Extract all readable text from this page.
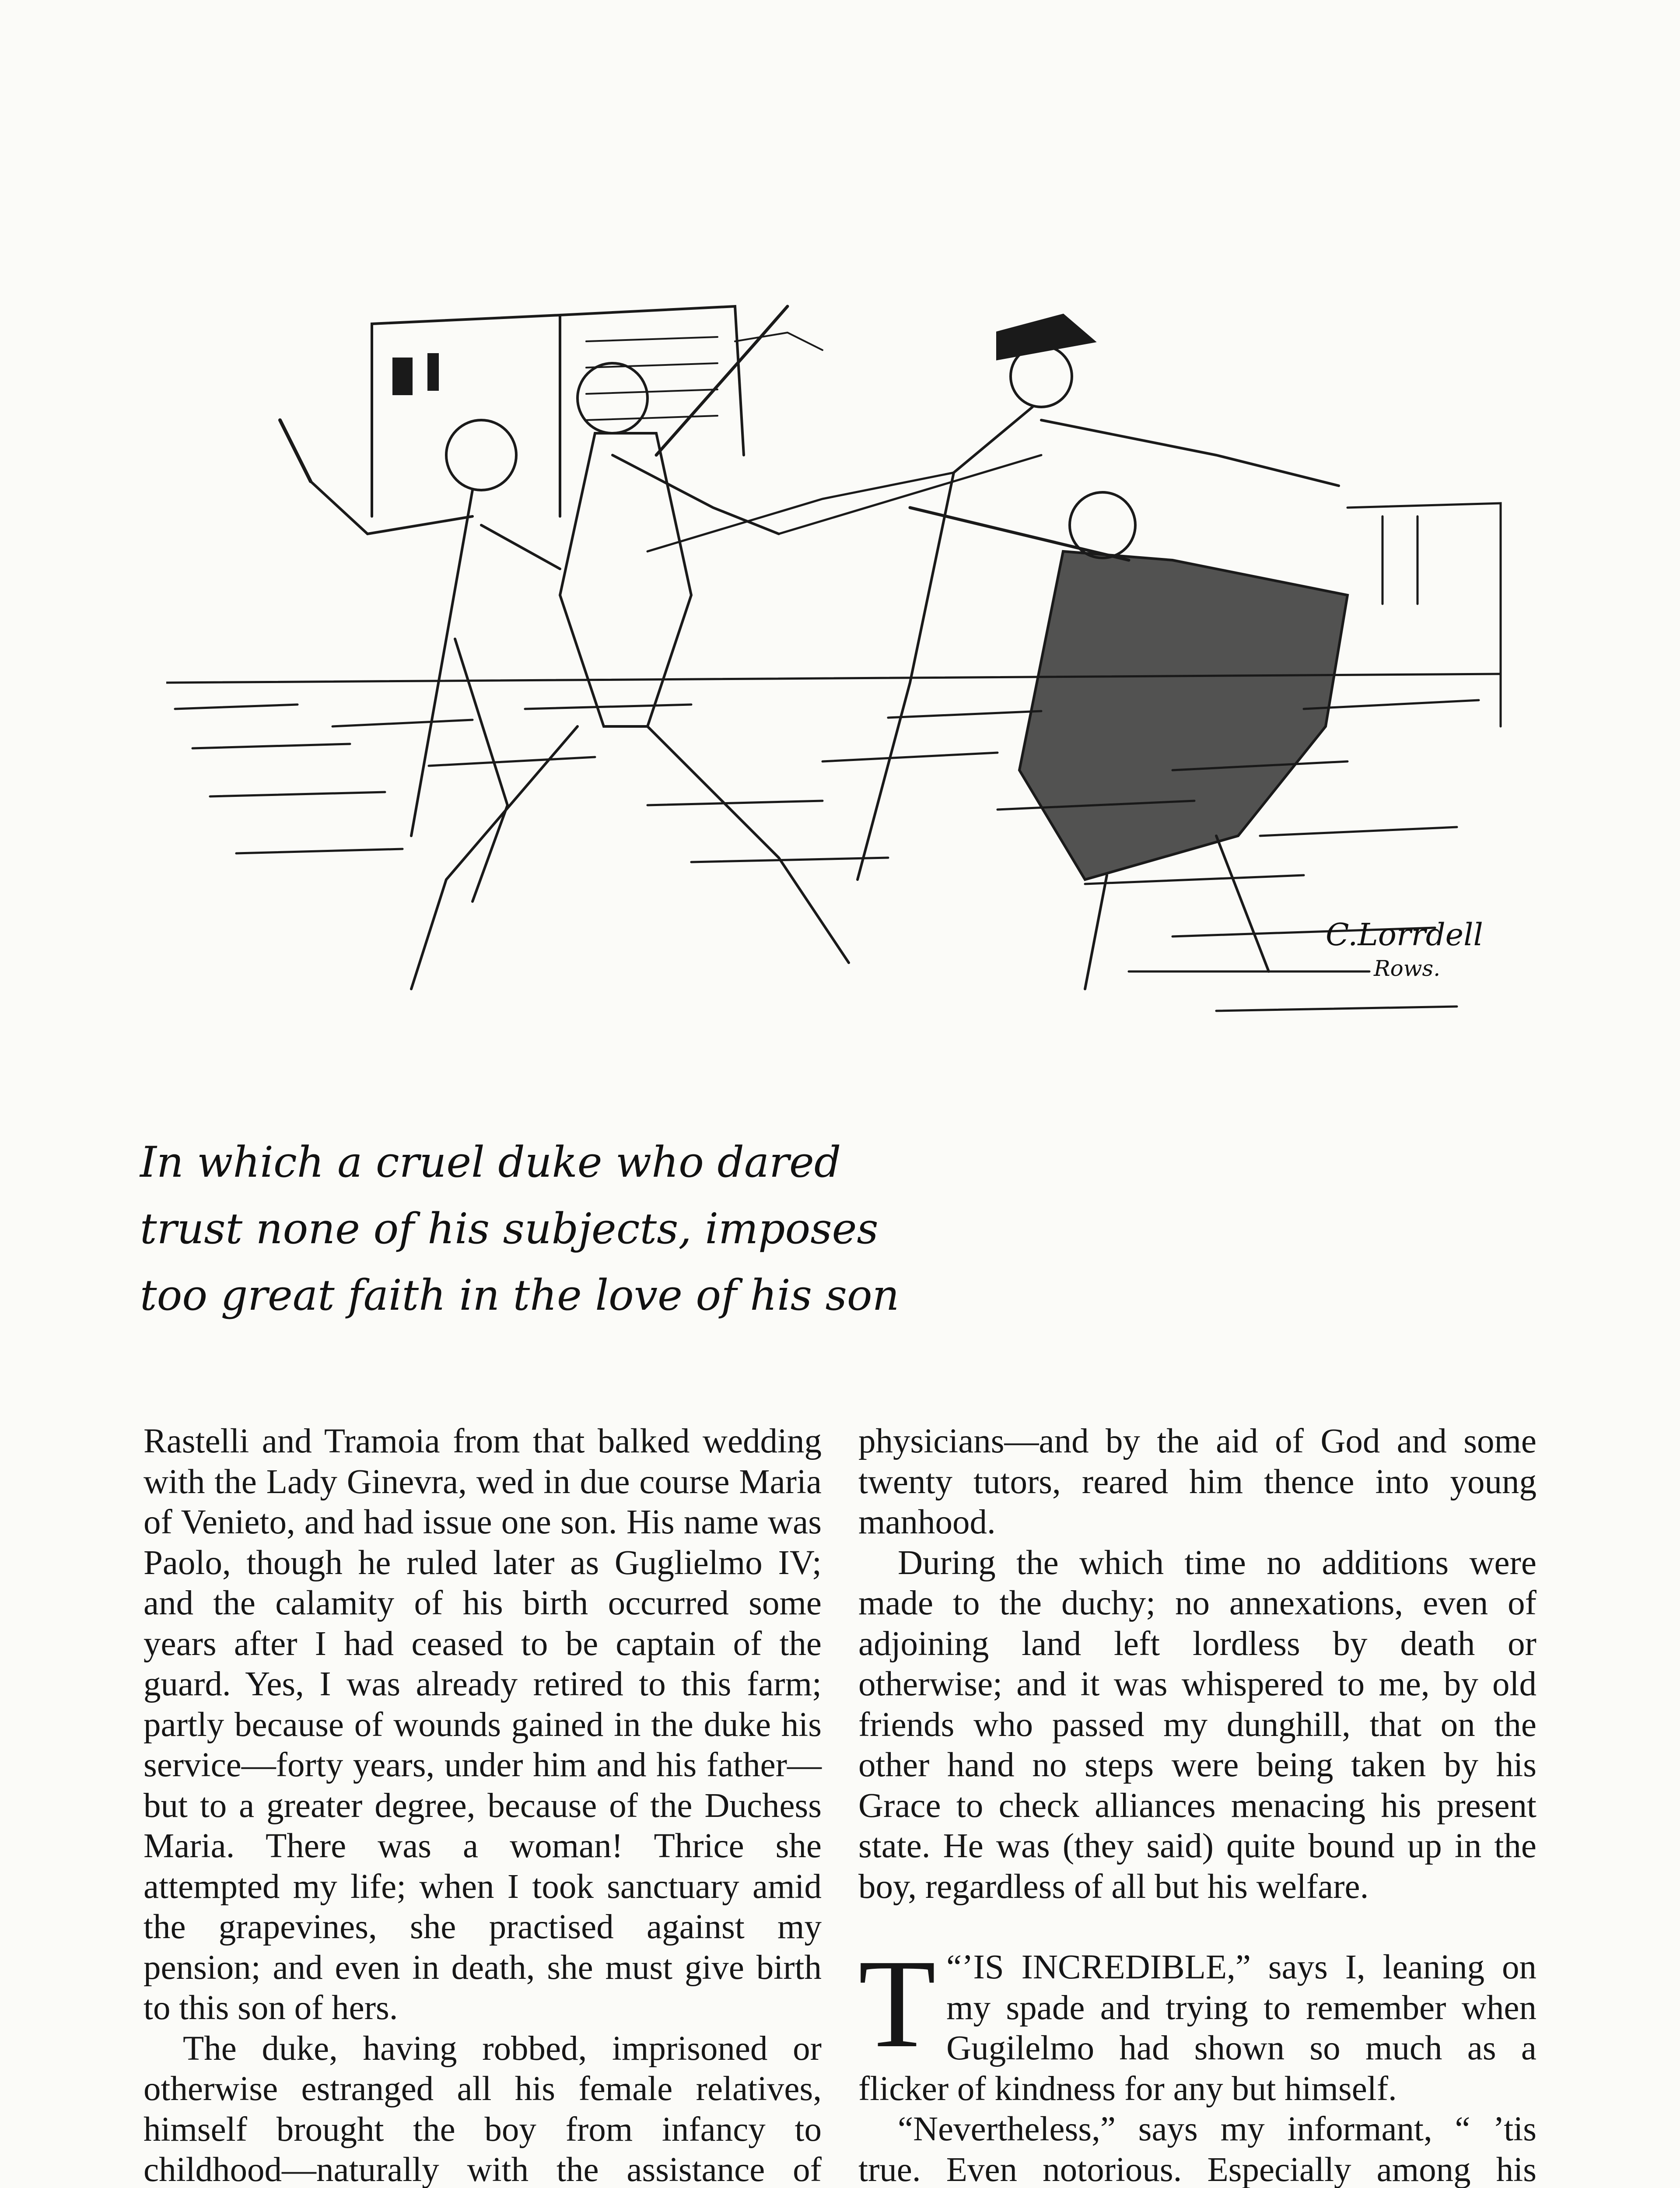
C.Lorrdell
Rows.
In which a cruel duke who dared
trust none of his subjects, imposes
too great faith in the love of his son

Rastelli and Tramoia from that balked wedding with the Lady Ginevra, wed in due course Maria of Venieto, and had issue one son. His name was Paolo, though he ruled later as Guglielmo IV; and the calamity of his birth occurred some years after I had ceased to be captain of the guard. Yes, I was already retired to this farm; partly because of wounds gained in the duke his service—forty years, under him and his father—but to a greater degree, because of the Duchess Maria. There was a woman! Thrice she attempted my life; when I took sanctuary amid the grapevines, she practised against my pension; and even in death, she must give birth to this son of hers.

The duke, having robbed, imprisoned or otherwise estranged all his female relatives, himself brought the boy from infancy to childhood—naturally with the assistance of

physicians—and by the aid of God and some twenty tutors, reared him thence into young manhood.

During the which time no additions were made to the duchy; no annexations, even of adjoining land left lordless by death or otherwise; and it was whispered to me, by old friends who passed my dunghill, that on the other hand no steps were being taken by his Grace to check alliances menacing his present state. He was (they said) quite bound up in the boy, regardless of all but his welfare.

“’
T IS INCREDIBLE,” says I, leaning on my spade and trying to remember when Gugilelmo had shown so much as a flicker of kindness for any but himself.

“Nevertheless,” says my informant, “ ’tis true. Even notorious. Especially among his
